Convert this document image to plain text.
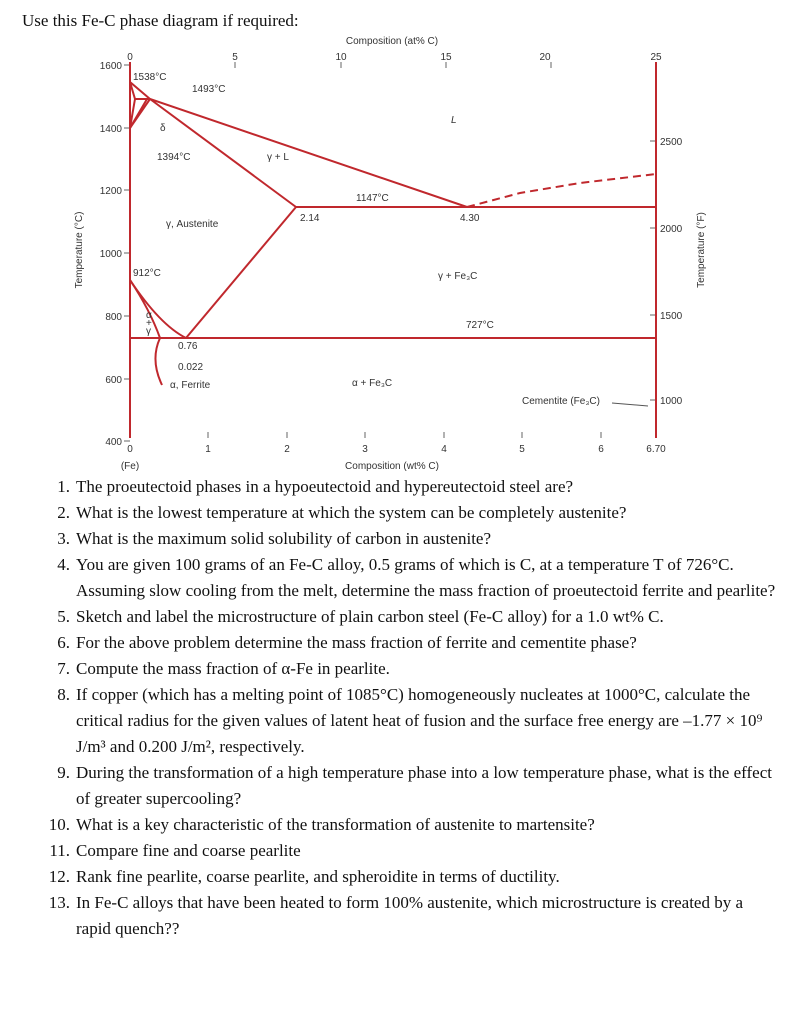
Use this Fe-C phase diagram if required:
Composition (at% C)
Composition (wt% C)
(Fe)
Temperature (°C)	Temperature (°F)
0	5	10	15	20	25
0	1	2	3	4	5	6	6.70
1600
1400
1200
1000
800
600
400
2500
2000
1500
1000
1538°C
1493°C
δ
1394°C	γ + L
L
1147°C
2.14	4.30
γ, Austenite
912°C	γ + Fe₃C
727°C
α
+
γ
0.76
0.022
α, Ferrite	α + Fe₃C
Cementite (Fe₃C)
1. The proeutectoid phases in a hypoeutectoid and hypereutectoid steel are?
2. What is the lowest temperature at which the system can be completely austenite?
3. What is the maximum solid solubility of carbon in austenite?
4. You are given 100 grams of an Fe-C alloy, 0.5 grams of which is C, at a temperature T of 726°C. Assuming slow cooling from the melt, determine the mass fraction of proeutectoid ferrite and pearlite?
5. Sketch and label the microstructure of plain carbon steel (Fe-C alloy) for a 1.0 wt% C.
6. For the above problem determine the mass fraction of ferrite and cementite phase?
7. Compute the mass fraction of α-Fe in pearlite.
8. If copper (which has a melting point of 1085°C) homogeneously nucleates at 1000°C, calculate the critical radius for the given values of latent heat of fusion and the surface free energy are –1.77 × 10⁹ J/m³ and 0.200 J/m², respectively.
9. During the transformation of a high temperature phase into a low temperature phase, what is the effect of greater supercooling?
10. What is a key characteristic of the transformation of austenite to martensite?
11. Compare fine and coarse pearlite
12. Rank fine pearlite, coarse pearlite, and spheroidite in terms of ductility.
13. In Fe-C alloys that have been heated to form 100% austenite, which microstructure is created by a rapid quench??
